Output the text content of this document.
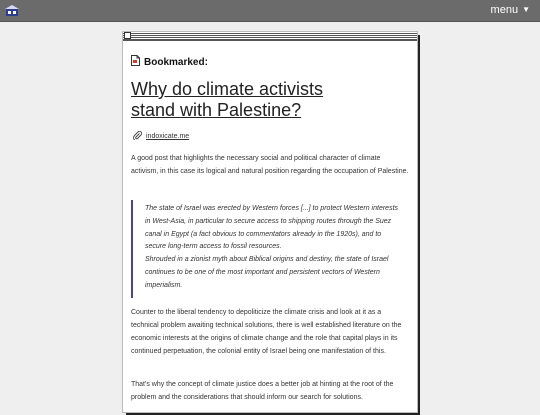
menu ▼
Bookmarked:
Why do climate activists
stand with Palestine?
indoxicate.me
A good post that highlights the necessary social and political character of climate activism, in this case its logical and natural position regarding the occupation of Palestine.

The state of Israel was erected by Western forces [...] to protect Western interests in West-Asia, in particular to secure access to shipping routes through the Suez canal in Egypt (a fact obvious to commentators already in the 1920s), and to secure long-term access to fossil resources.

Shrouded in a zionist myth about Biblical origins and destiny, the state of Israel continues to be one of the most important and persistent vectors of Western imperialism.

Counter to the liberal tendency to depoliticize the climate crisis and look at it as a technical problem awaiting technical solutions, there is well established literature on the economic interests at the origins of climate change and the role that capital plays in its continued perpetuation, the colonial entity of Israel being one manifestation of this.
That's why the concept of climate justice does a better job at hinting at the root of the problem and the considerations that should inform our search for solutions.
